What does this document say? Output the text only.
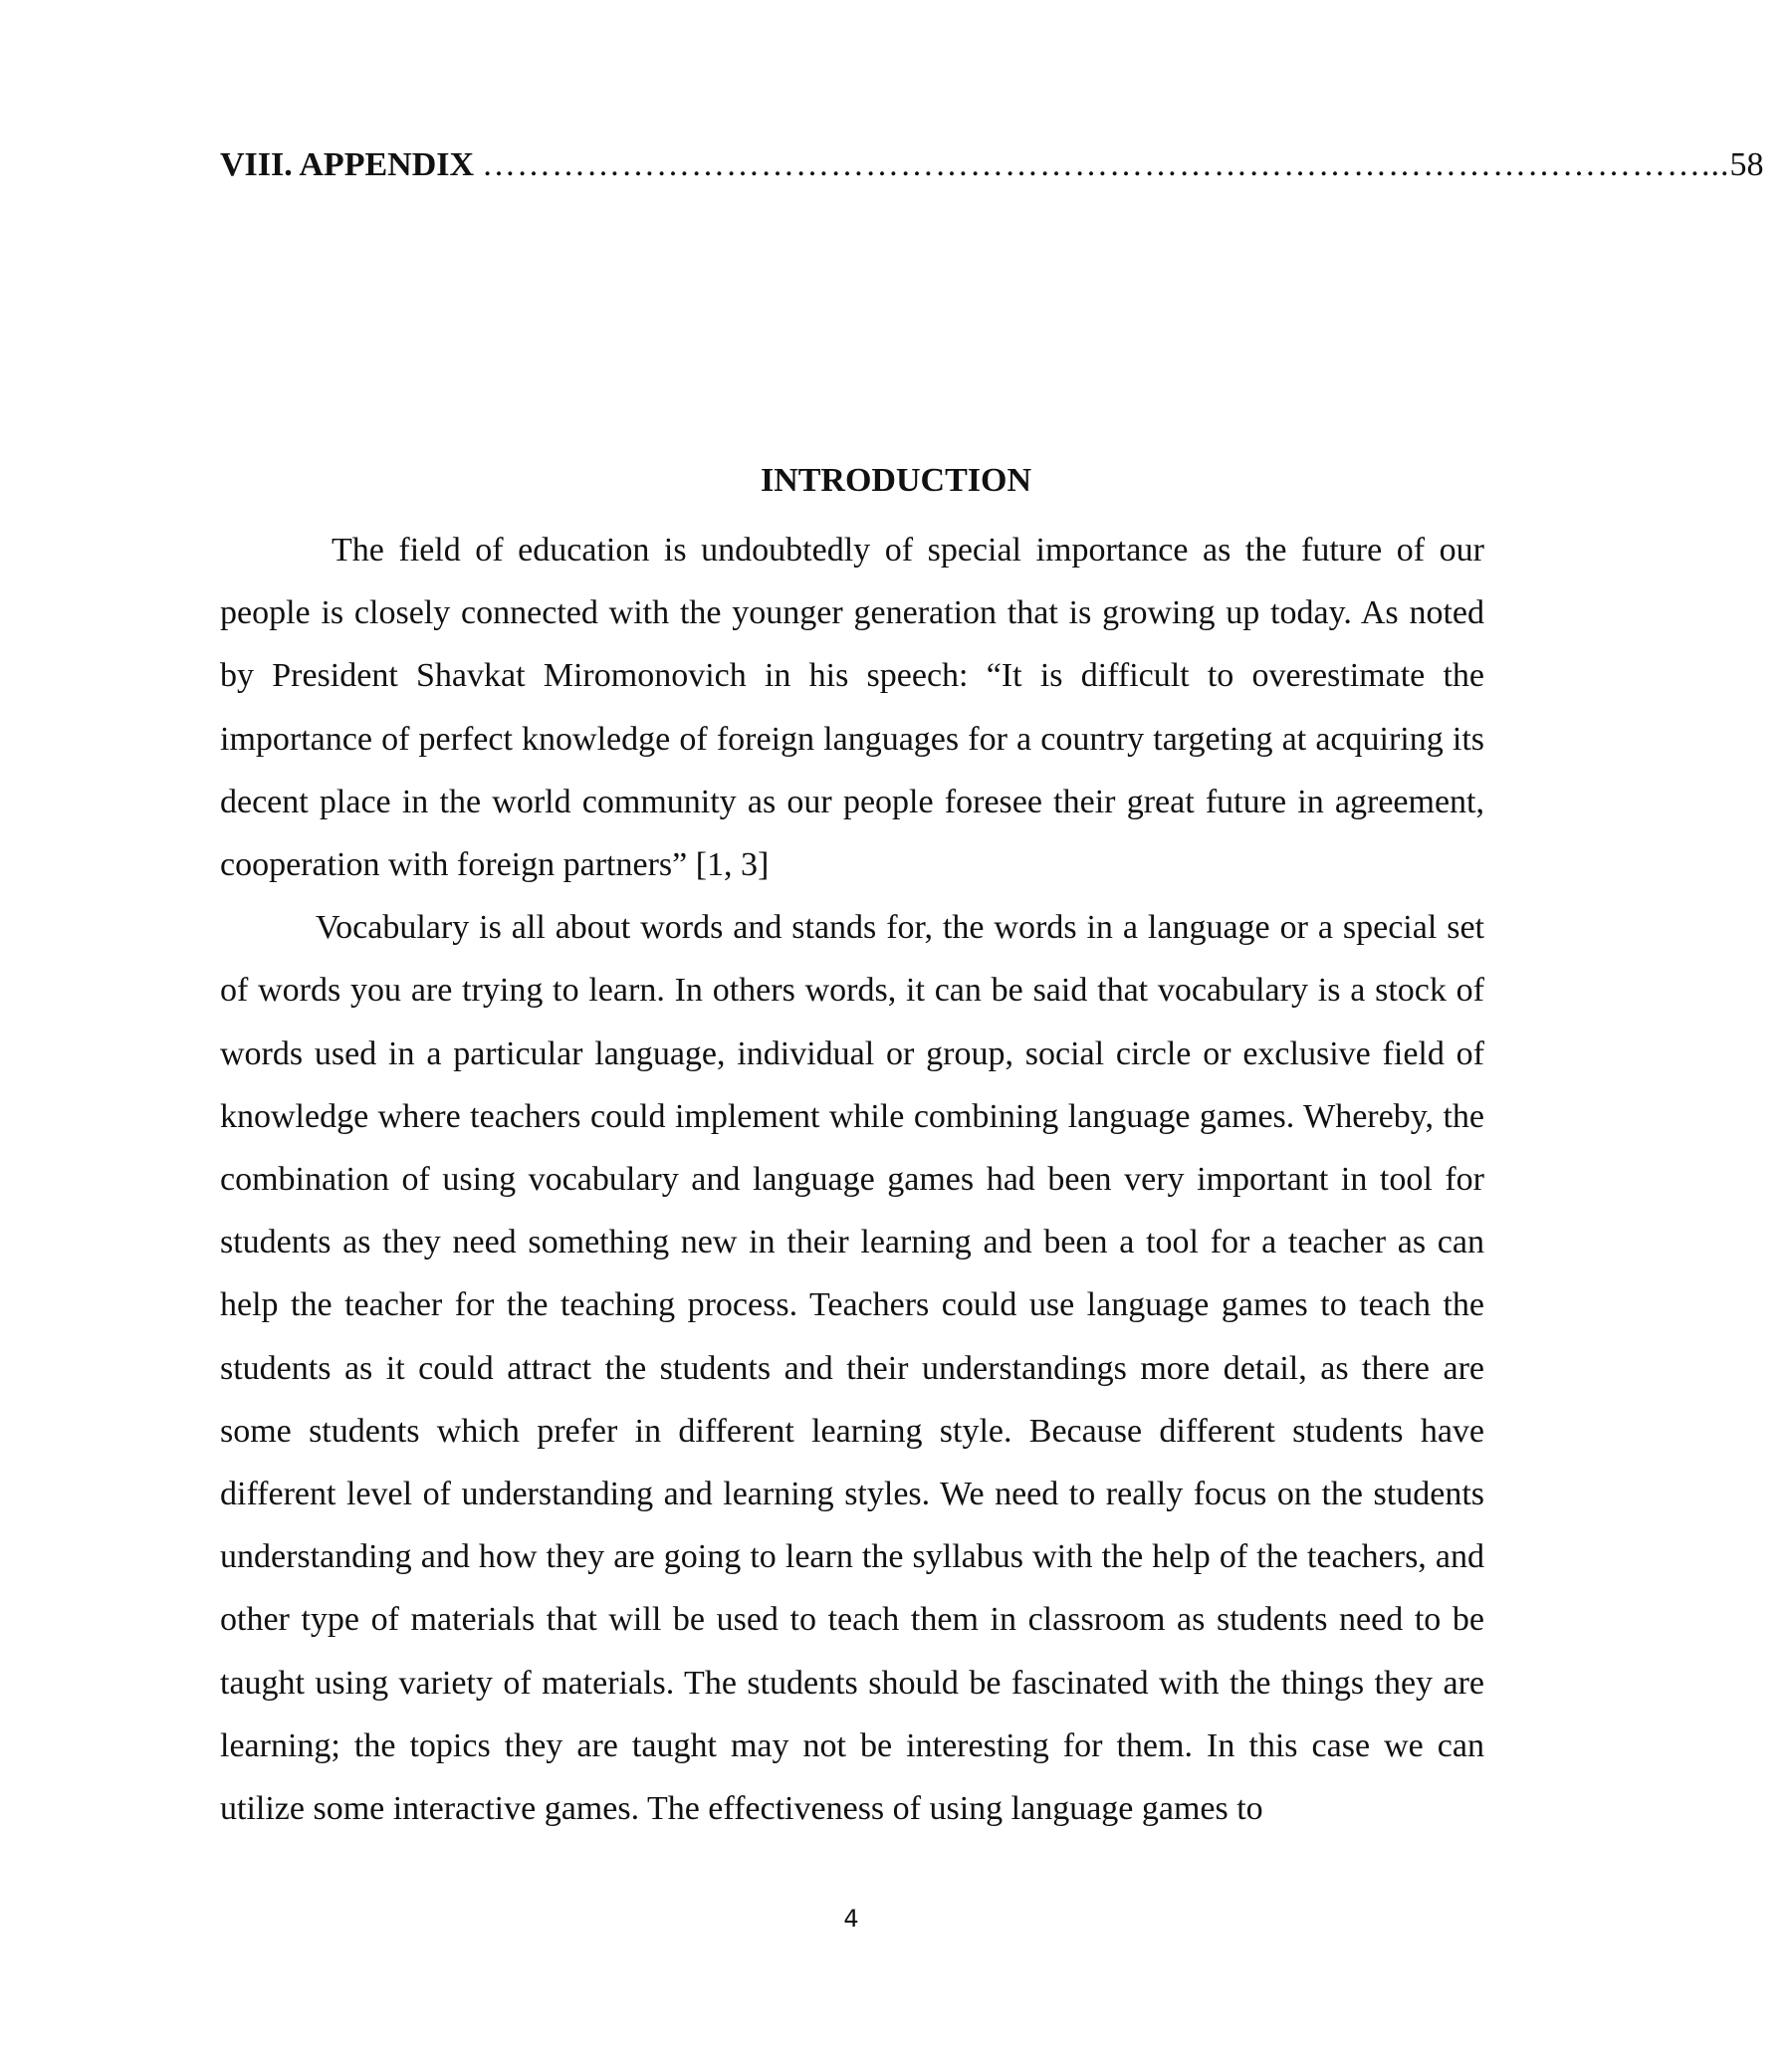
VIII. APPENDIX ……………………………………………………………………………………………... 58
INTRODUCTION

The field of education is undoubtedly of special importance as the future of our people is closely connected with the younger generation that is growing up today. As noted by President Shavkat Miromonovich in his speech: “It is difficult to overestimate the importance of perfect knowledge of foreign languages for a country targeting at acquiring its decent place in the world community as our people foresee their great future in agreement, cooperation with foreign partners” [1, 3]

Vocabulary is all about words and stands for, the words in a language or a special set of words you are trying to learn. In others words, it can be said that vocabulary is a stock of words used in a particular language, individual or group, social circle or exclusive field of knowledge where teachers could implement while combining language games. Whereby, the combination of using vocabulary and language games had been very important in tool for students as they need something new in their learning and been a tool for a teacher as can help the teacher for the teaching process. Teachers could use language games to teach the students as it could attract the students and their understandings more detail, as there are some students which prefer in different learning style. Because different students have different level of understanding and learning styles. We need to really focus on the students understanding and how they are going to learn the syllabus with the help of the teachers, and other type of materials that will be used to teach them in classroom as students need to be taught using variety of materials. The students should be fascinated with the things they are learning; the topics they are taught may not be interesting for them. In this case we can utilize some interactive games. The effectiveness of using language games to

4
